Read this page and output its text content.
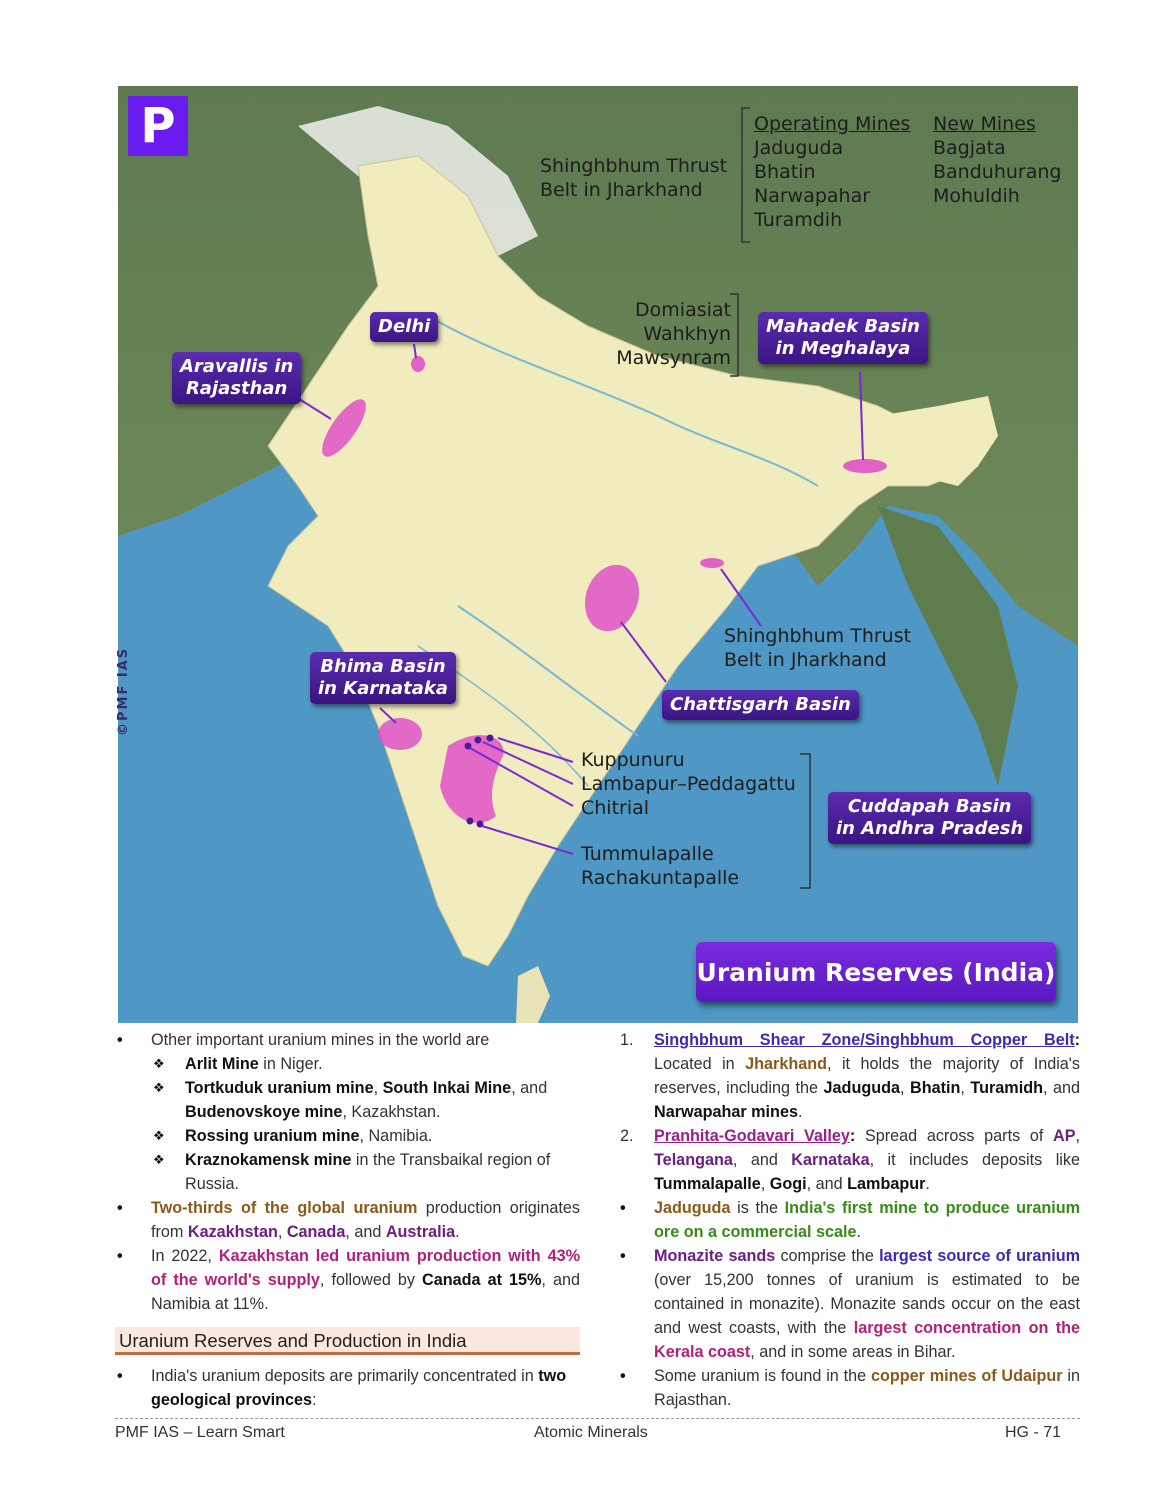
P
Shinghbhum Thrust
Belt in Jharkhand
Operating Mines
Jaduguda
Bhatin
Narwapahar
Turamdih
New Mines
Bagjata
Banduhurang
Mohuldih
Domiasiat
Wahkhyn
Mawsynram
Delhi
Aravallis in
Rajasthan
Mahadek Basin
in Meghalaya
Bhima Basin
in Karnataka
Chattisgarh Basin
Cuddapah Basin
in Andhra Pradesh
Shinghbhum Thrust
Belt in Jharkhand
Kuppunuru
Lambapur–Peddagattu
Chitrial
Tummulapalle
Rachakuntapalle
©PMF IAS
Uranium Reserves (India)
• Other important uranium mines in the world are
❖ Arlit Mine in Niger.
❖ Tortkuduk uranium mine, South Inkai Mine, and Budenovskoye mine, Kazakhstan.
❖ Rossing uranium mine, Namibia.
❖ Kraznokamensk mine in the Transbaikal region of Russia.
• Two-thirds of the global uranium production originates from Kazakhstan, Canada, and Australia.
• In 2022, Kazakhstan led uranium production with 43% of the world's supply, followed by Canada at 15%, and Namibia at 11%.
Uranium Reserves and Production in India
• India's uranium deposits are primarily concentrated in two geological provinces:
1. Singhbhum Shear Zone/Singhbhum Copper Belt: Located in Jharkhand, it holds the majority of India's reserves, including the Jaduguda, Bhatin, Turamidh, and Narwapahar mines.
2. Pranhita-Godavari Valley: Spread across parts of AP, Telangana, and Karnataka, it includes deposits like Tummalapalle, Gogi, and Lambapur.
• Jaduguda is the India's first mine to produce uranium ore on a commercial scale.
• Monazite sands comprise the largest source of uranium (over 15,200 tonnes of uranium is estimated to be contained in monazite). Monazite sands occur on the east and west coasts, with the largest concentration on the Kerala coast, and in some areas in Bihar.
• Some uranium is found in the copper mines of Udaipur in Rajasthan.
PMF IAS – Learn Smart	Atomic Minerals	HG - 71
